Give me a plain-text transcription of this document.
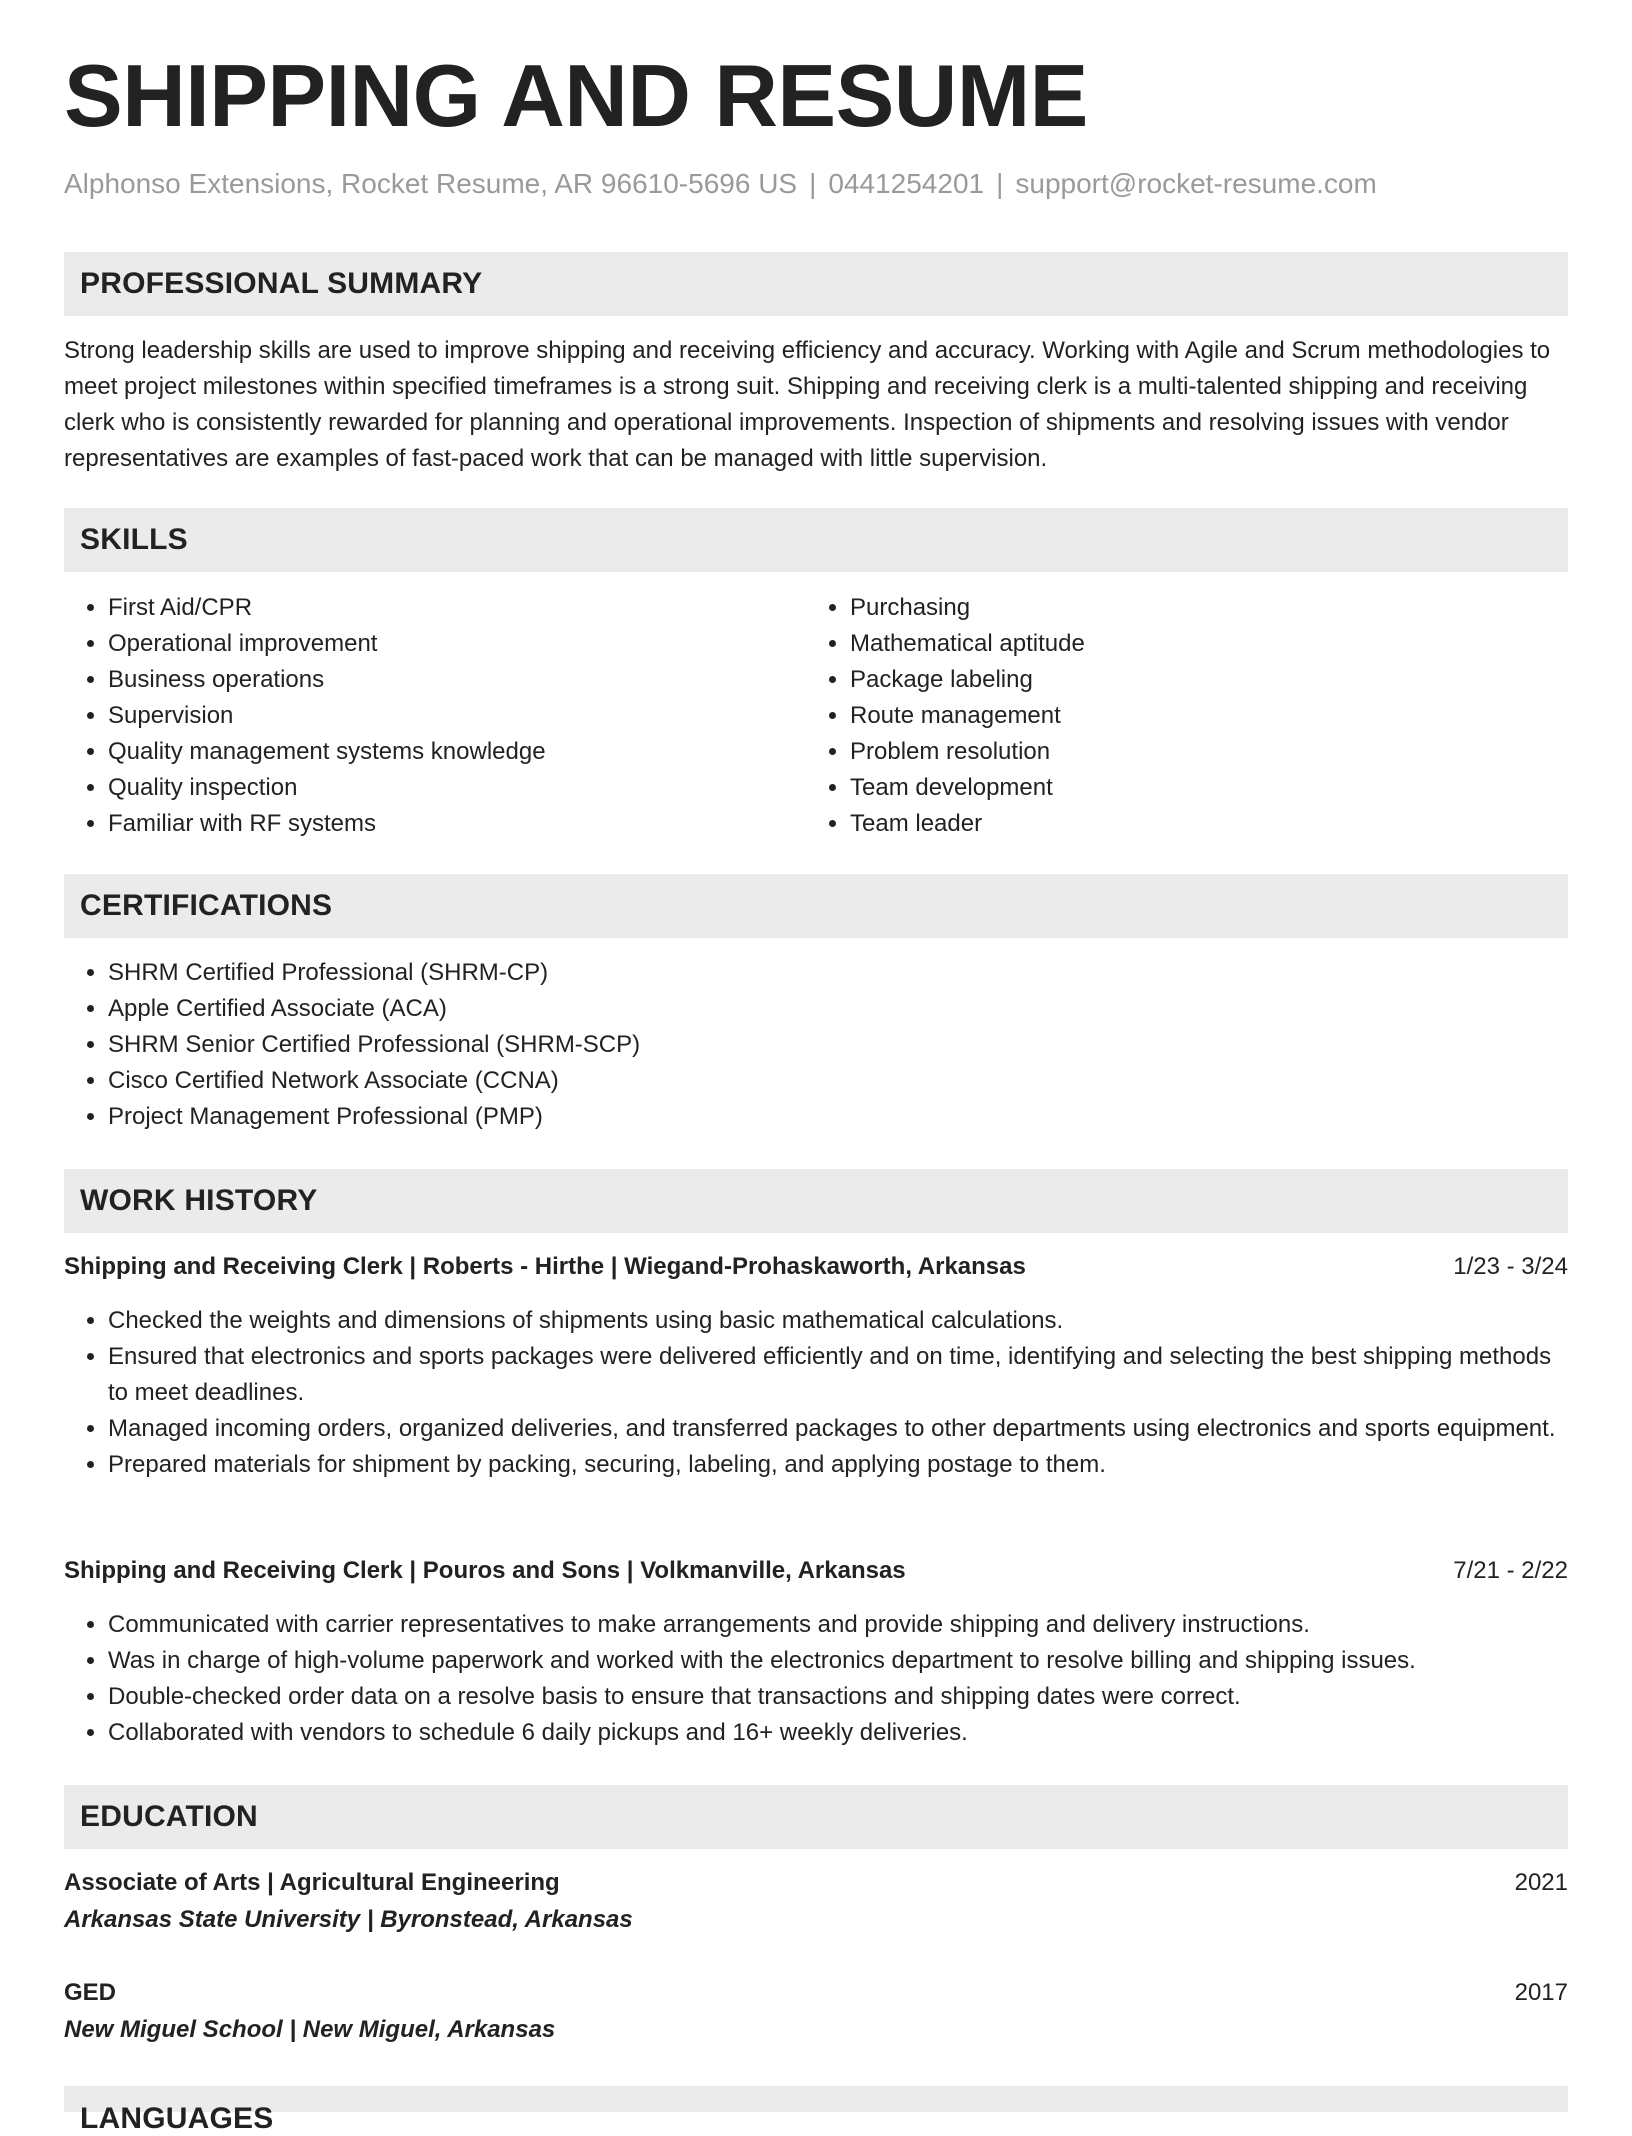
SHIPPING AND RESUME
Alphonso Extensions, Rocket Resume, AR 96610-5696 US | 0441254201 | support@rocket-resume.com
PROFESSIONAL SUMMARY

Strong leadership skills are used to improve shipping and receiving efficiency and accuracy. Working with Agile and Scrum methodologies to meet project milestones within specified timeframes is a strong suit. Shipping and receiving clerk is a multi-talented shipping and receiving clerk who is consistently rewarded for planning and operational improvements. Inspection of shipments and resolving issues with vendor representatives are examples of fast-paced work that can be managed with little supervision.

SKILLS
• First Aid/CPR
• Operational improvement
• Business operations
• Supervision
• Quality management systems knowledge
• Quality inspection
• Familiar with RF systems
• Purchasing
• Mathematical aptitude
• Package labeling
• Route management
• Problem resolution
• Team development
• Team leader
CERTIFICATIONS
• SHRM Certified Professional (SHRM-CP)
• Apple Certified Associate (ACA)
• SHRM Senior Certified Professional (SHRM-SCP)
• Cisco Certified Network Associate (CCNA)
• Project Management Professional (PMP)
WORK HISTORY
Shipping and Receiving Clerk | Roberts - Hirthe | Wiegand-Prohaskaworth, Arkansas	1/23 - 3/24
• Checked the weights and dimensions of shipments using basic mathematical calculations.
• Ensured that electronics and sports packages were delivered efficiently and on time, identifying and selecting the best shipping methods to meet deadlines.
• Managed incoming orders, organized deliveries, and transferred packages to other departments using electronics and sports equipment.
• Prepared materials for shipment by packing, securing, labeling, and applying postage to them.
Shipping and Receiving Clerk | Pouros and Sons | Volkmanville, Arkansas	7/21 - 2/22
• Communicated with carrier representatives to make arrangements and provide shipping and delivery instructions.
• Was in charge of high-volume paperwork and worked with the electronics department to resolve billing and shipping issues.
• Double-checked order data on a resolve basis to ensure that transactions and shipping dates were correct.
• Collaborated with vendors to schedule 6 daily pickups and 16+ weekly deliveries.
EDUCATION
Associate of Arts | Agricultural Engineering	2021
Arkansas State University | Byronstead, Arkansas
GED	2017
New Miguel School | New Miguel, Arkansas
LANGUAGES
